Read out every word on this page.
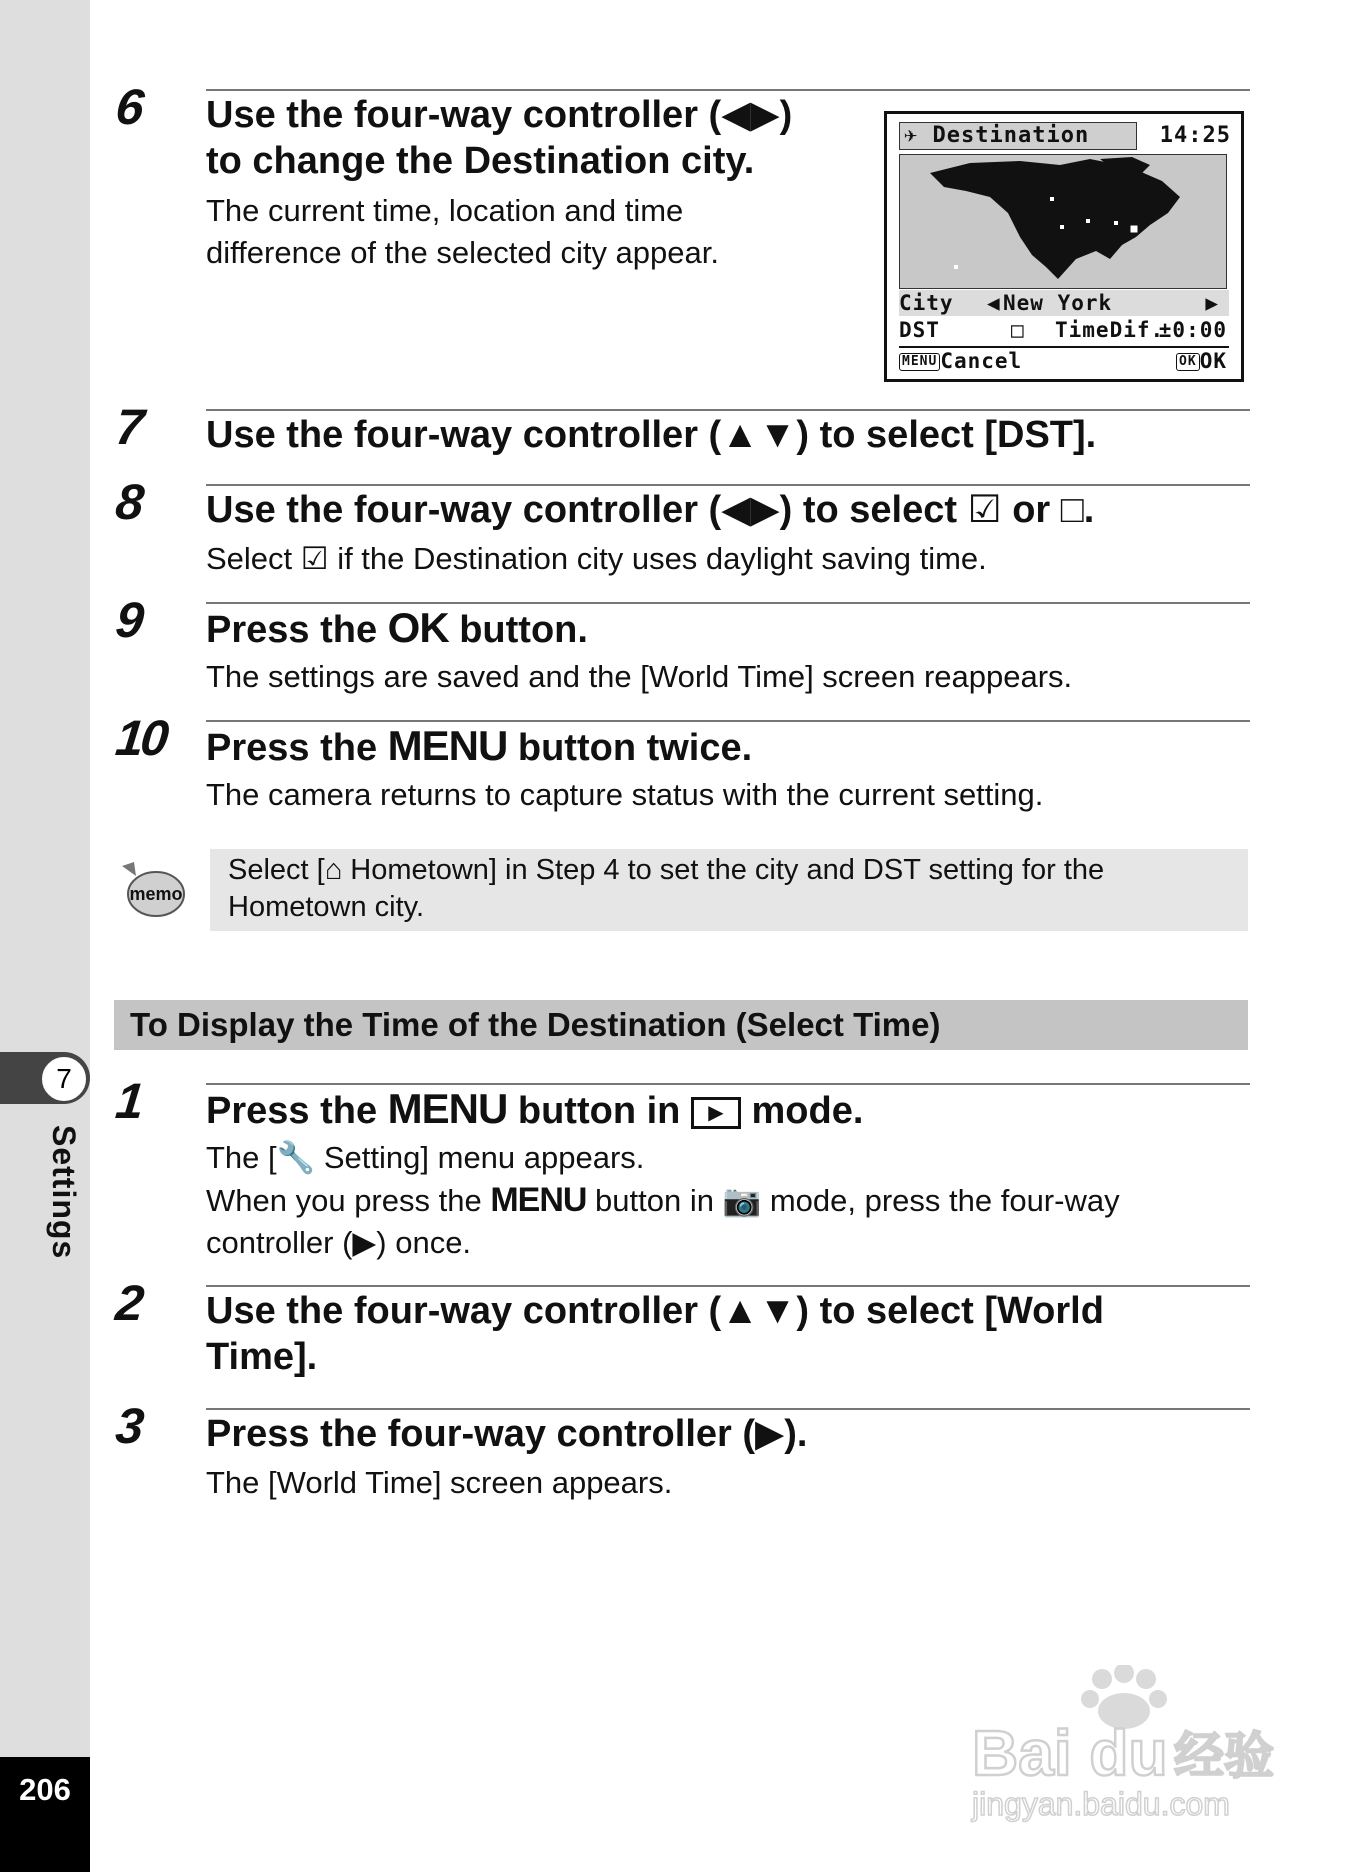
7
Settings
206
6 Use the four-way controller (◀▶)
to change the Destination city.
The current time, location and time
difference of the selected city appear.
✈ Destination	14:25
City ◀ New York	▶
DST	□ TimeDif.
±0:00
MENU Cancel	OK OK
7 Use the four-way controller (▲▼) to select [DST].
8 Use the four-way controller (◀▶) to select ☑ or □.
Select ☑ if the Destination city uses daylight saving time.
9 Press the OK button.
The settings are saved and the [World Time] screen reappears.
10 Press the MENU button twice.
The camera returns to capture status with the current setting.
memo
Select [⌂ Hometown] in Step 4 to set the city and DST setting for the
Hometown city.
To Display the Time of the Destination (Select Time)
1 Press the MENU button in ▶ mode.
The [🔧 Setting] menu appears.
When you press the MENU button in 📷 mode, press the four-way
controller (▶) once.
2 Use the four-way controller (▲▼) to select [World
Time].
3 Press the four-way controller (▶).
The [World Time] screen appears.
Bai du 经验
jingyan.baidu.com
